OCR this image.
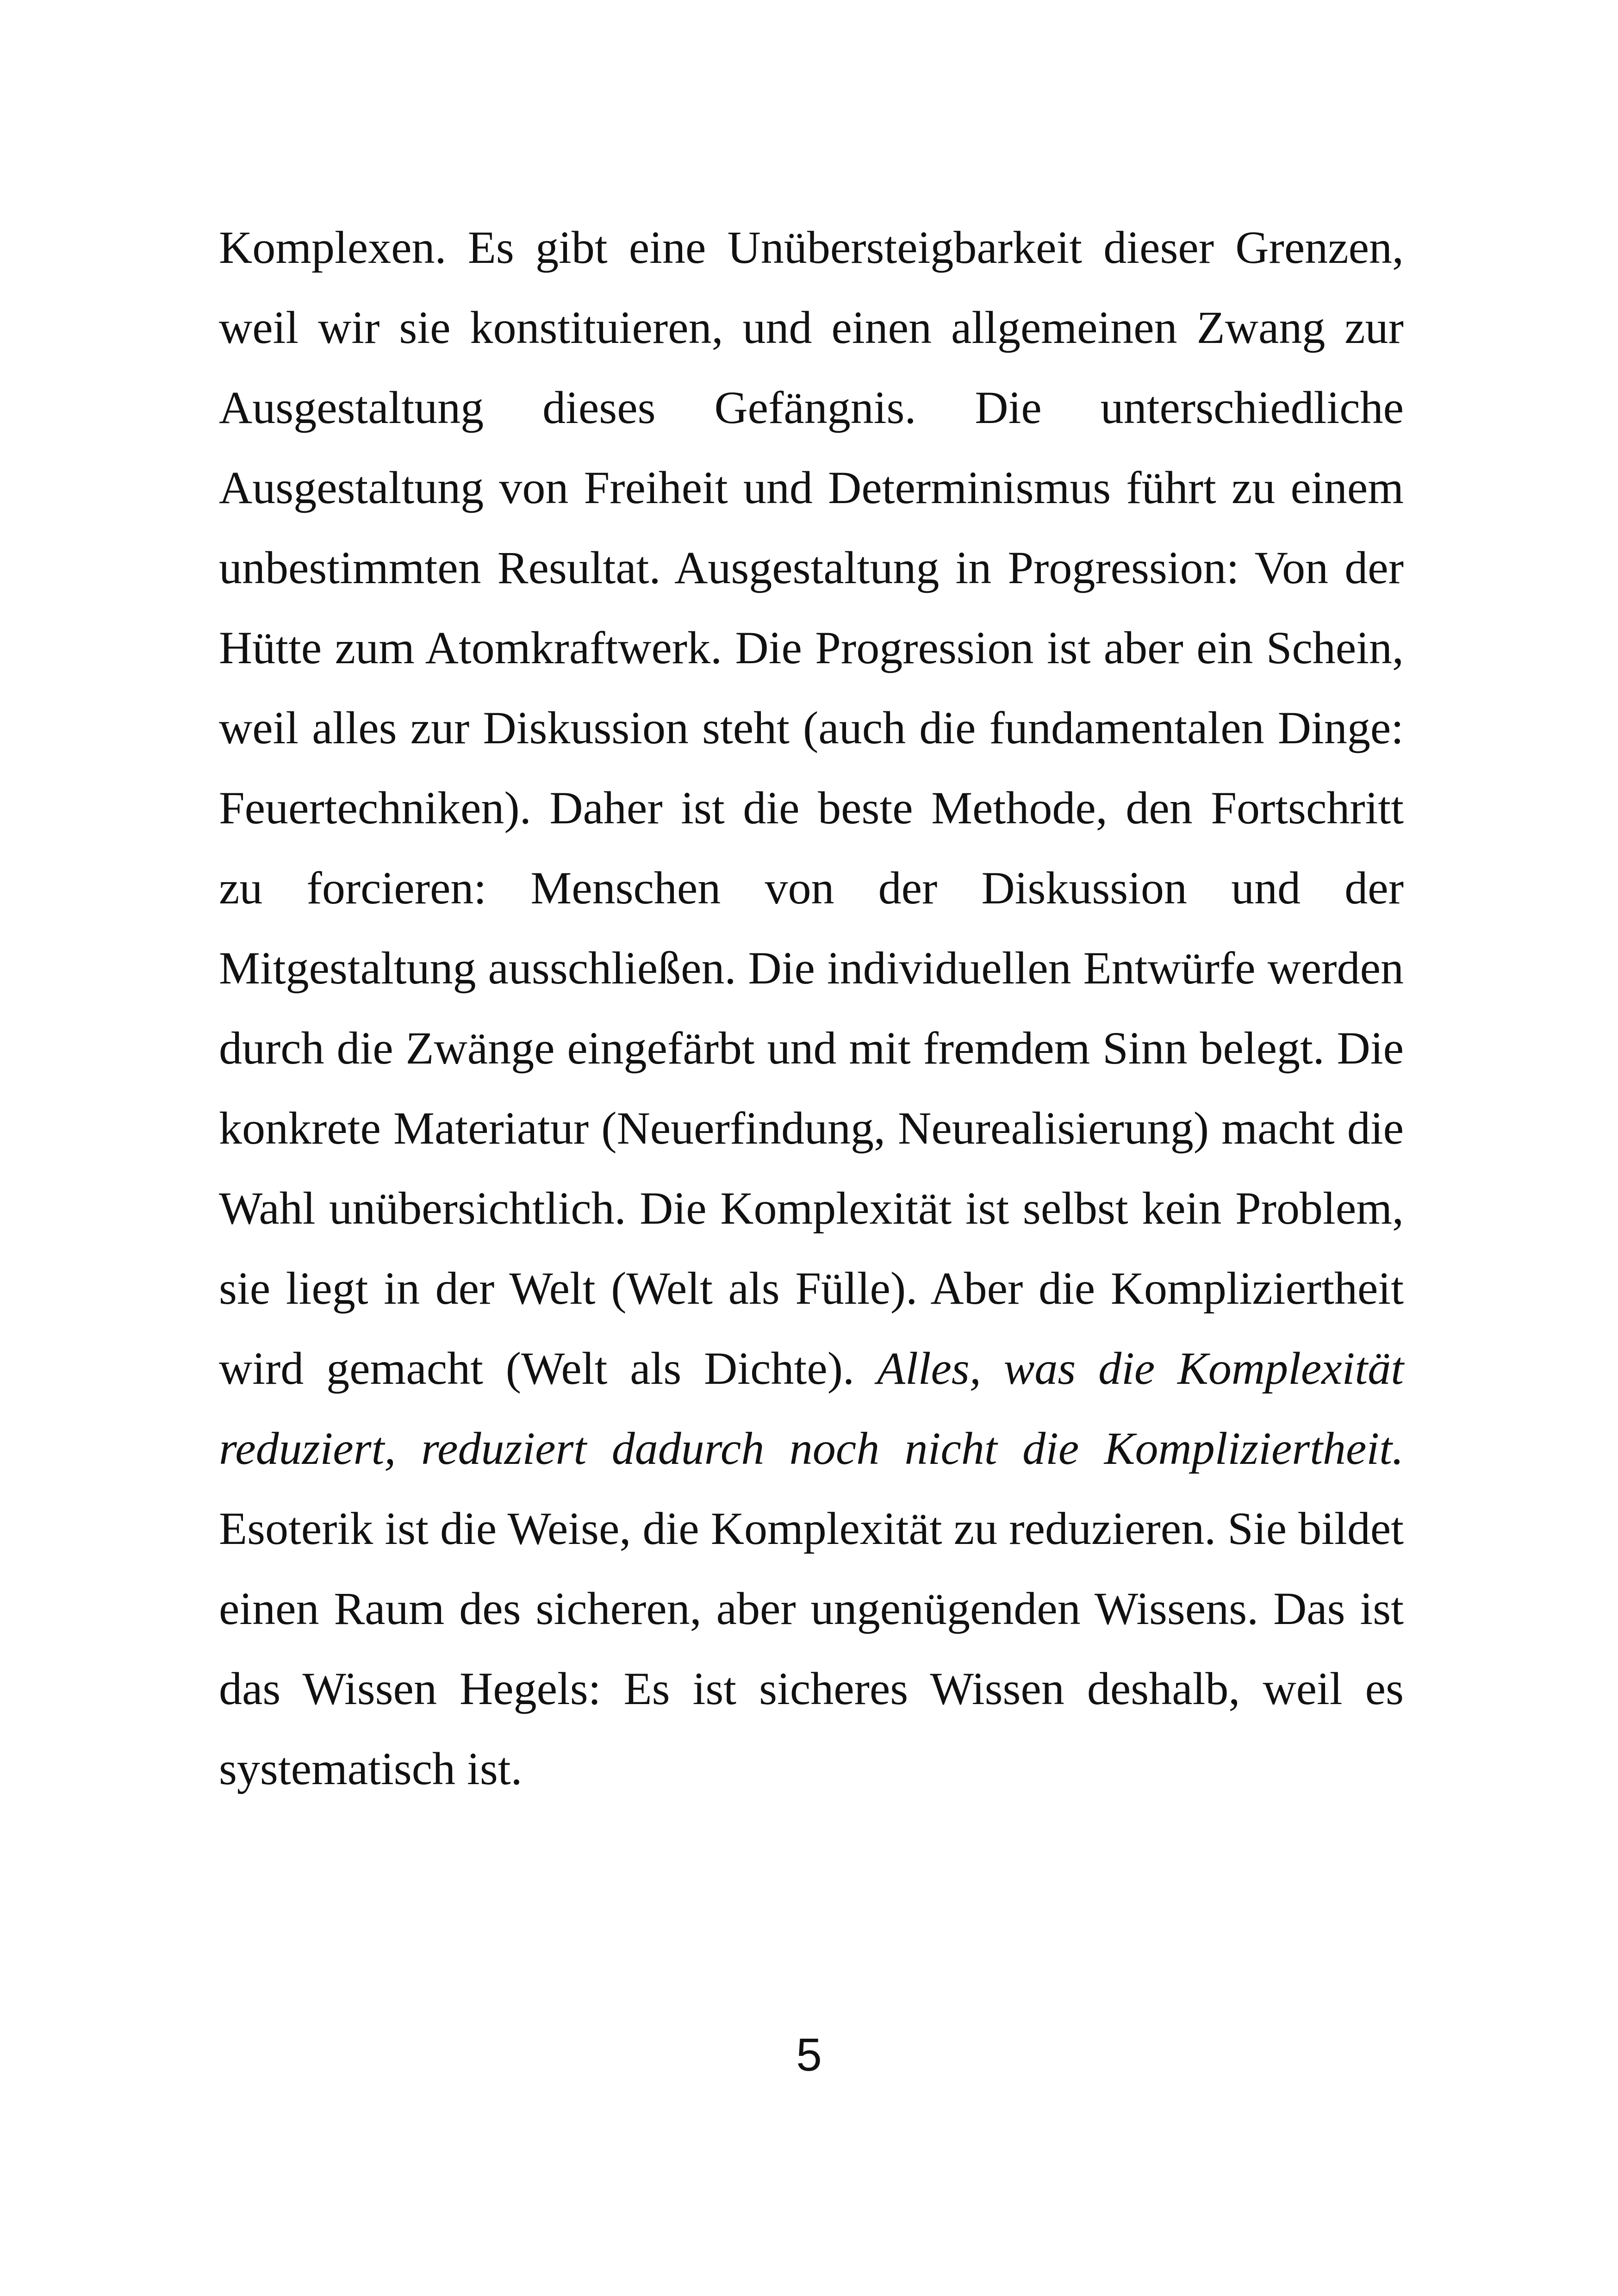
Komplexen. Es gibt eine Unübersteigbarkeit dieser Grenzen, weil wir sie konstituieren, und einen allgemeinen Zwang zur Ausgestaltung dieses Gefängnis. Die unterschiedliche Ausgestaltung von Freiheit und Determinismus führt zu einem unbestimmten Resultat. Ausgestaltung in Progression: Von der Hütte zum Atomkraftwerk. Die Progression ist aber ein Schein, weil alles zur Diskussion steht (auch die fundamentalen Dinge: Feuertechniken). Daher ist die beste Methode, den Fortschritt zu forcieren: Menschen von der Diskussion und der Mitgestaltung ausschließen. Die individuellen Entwürfe werden durch die Zwänge eingefärbt und mit fremdem Sinn belegt. Die konkrete Materiatur (Neuerfindung, Neurealisierung) macht die Wahl unübersichtlich. Die Komplexität ist selbst kein Problem, sie liegt in der Welt (Welt als Fülle). Aber die Kompliziertheit wird gemacht (Welt als Dichte). Alles, was die Komplexität reduziert, reduziert dadurch noch nicht die Kompliziertheit. Esoterik ist die Weise, die Komplexität zu reduzieren. Sie bildet einen Raum des sicheren, aber ungenügenden Wissens. Das ist das Wissen Hegels: Es ist sicheres Wissen deshalb, weil es systematisch ist.

5
